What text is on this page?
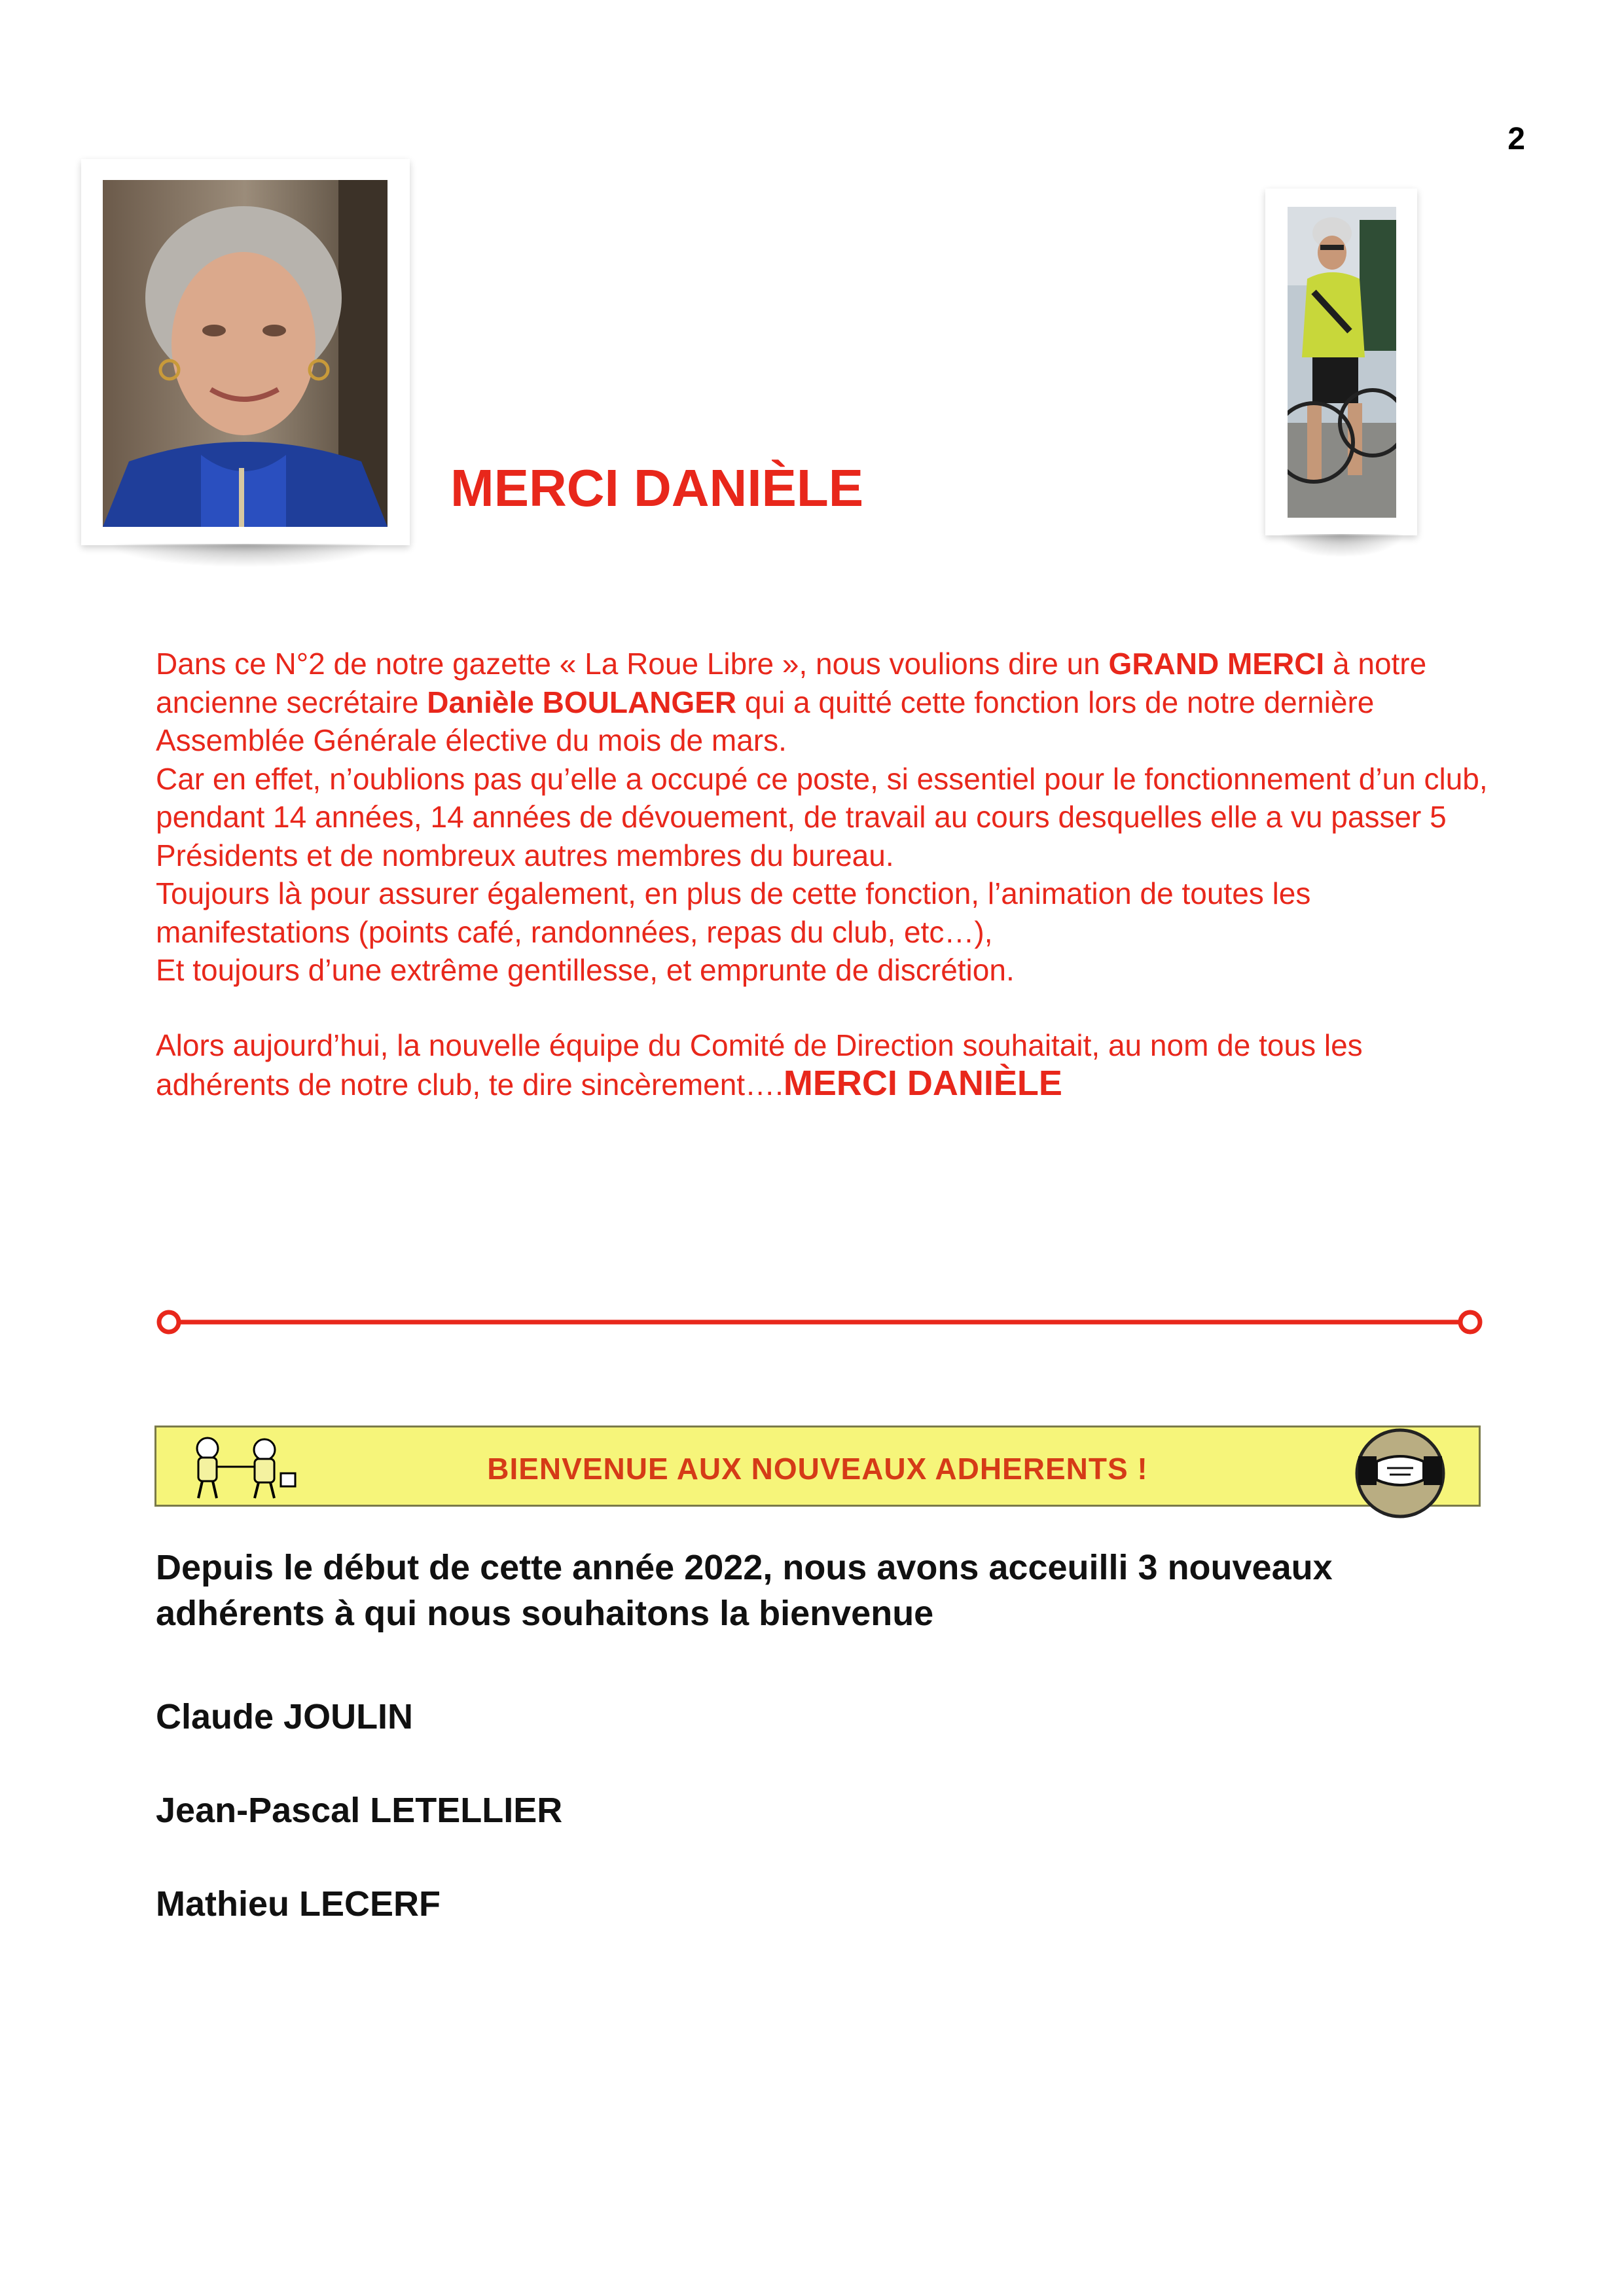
2
MERCI DANIÈLE

Dans ce N°2 de notre gazette « La Roue Libre », nous voulions dire un GRAND MERCI à notre ancienne secrétaire Danièle BOULANGER qui a quitté cette fonction lors de notre dernière Assemblée Générale élective du mois de mars.

Car en effet, n’oublions pas qu’elle a occupé ce poste, si essentiel pour le fonctionnement d’un club, pendant 14 années, 14 années de dévouement, de travail au cours desquelles elle a vu passer 5 Présidents et de nombreux autres membres du bureau.

Toujours là pour assurer également, en plus de cette fonction, l’animation de toutes les manifestations (points café, randonnées, repas du club, etc…),

Et toujours d’une extrême gentillesse, et emprunte de discrétion.

Alors aujourd’hui, la nouvelle équipe du Comité de Direction souhaitait, au nom de tous les adhérents de notre club, te dire sincèrement….MERCI DANIÈLE

BIENVENUE AUX NOUVEAUX ADHERENTS !

Depuis le début de cette année 2022, nous avons acceuilli 3 nouveaux adhérents à qui nous souhaitons la bienvenue

Claude JOULIN

Jean-Pascal LETELLIER

Mathieu LECERF
